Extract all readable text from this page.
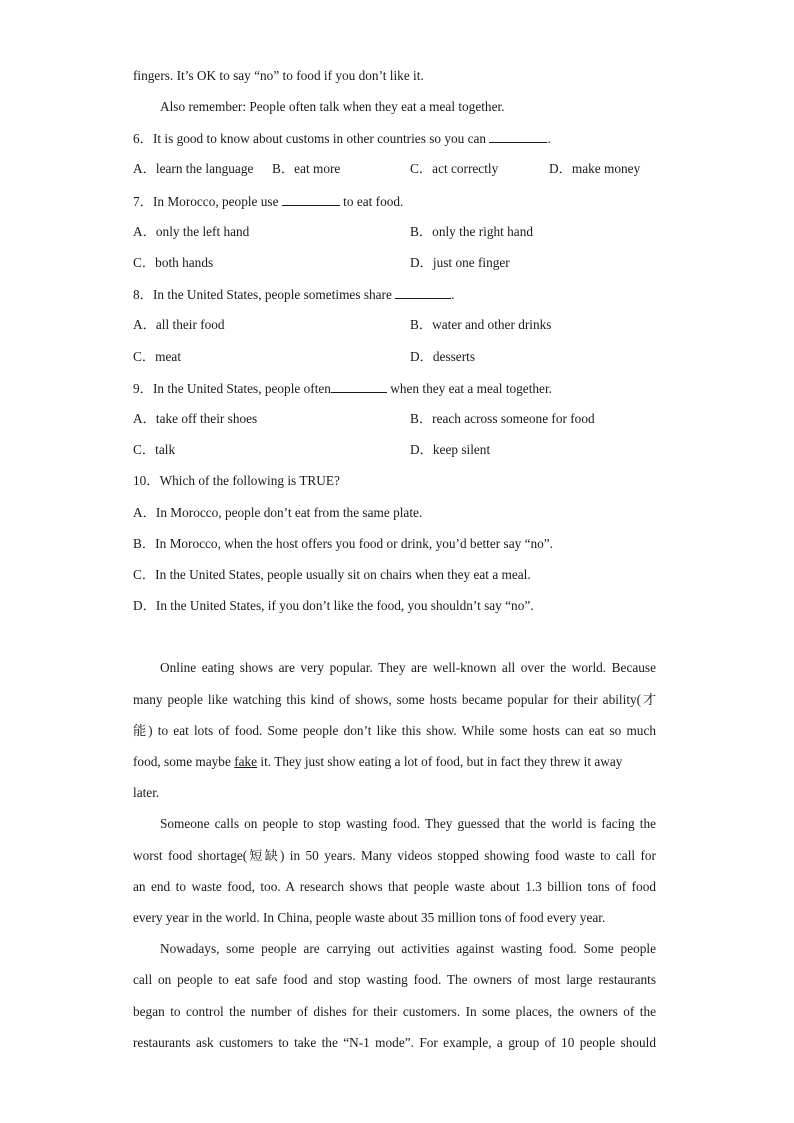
fingers. It’s OK to say “no” to food if you don’t like it.
Also remember: People often talk when they eat a meal together.
6．It is good to know about customs in other countries so you can	.
A．learn the language B．eat more	C．act correctly	D．make money
7．In Morocco, people use	to eat food.
A．only the left hand	B．only the right hand
C．both hands	D．just one finger
8．In the United States, people sometimes share	.
A．all their food	B．water and other drinks
C．meat	D．desserts
9．In the United States, people often	when they eat a meal together.
A．take off their shoes	B．reach across someone for food
C．talk	D．keep silent
10．Which of the following is TRUE?
A．In Morocco, people don’t eat from the same plate.
B．In Morocco, when the host offers you food or drink, you’d better say “no”.
C．In the United States, people usually sit on chairs when they eat a meal.
D．In the United States, if you don’t like the food, you shouldn’t say “no”.
Online eating shows are very popular. They are well-known all over the world. Because
many people like watching this kind of shows, some hosts became popular for their ability(才
能) to eat lots of food. Some people don’t like this show. While some hosts can eat so much
food, some maybe fake it. They just show eating a lot of food, but in fact they threw it away
later.
Someone calls on people to stop wasting food. They guessed that the world is facing the
worst food shortage(短缺) in 50 years. Many videos stopped showing food waste to call for
an end to waste food, too. A research shows that people waste about 1.3 billion tons of food
every year in the world. In China, people waste about 35 million tons of food every year.
Nowadays, some people are carrying out activities against wasting food. Some people
call on people to eat safe food and stop wasting food. The owners of most large restaurants
began to control the number of dishes for their customers. In some places, the owners of the
restaurants ask customers to take the “N-1 mode”. For example, a group of 10 people should
